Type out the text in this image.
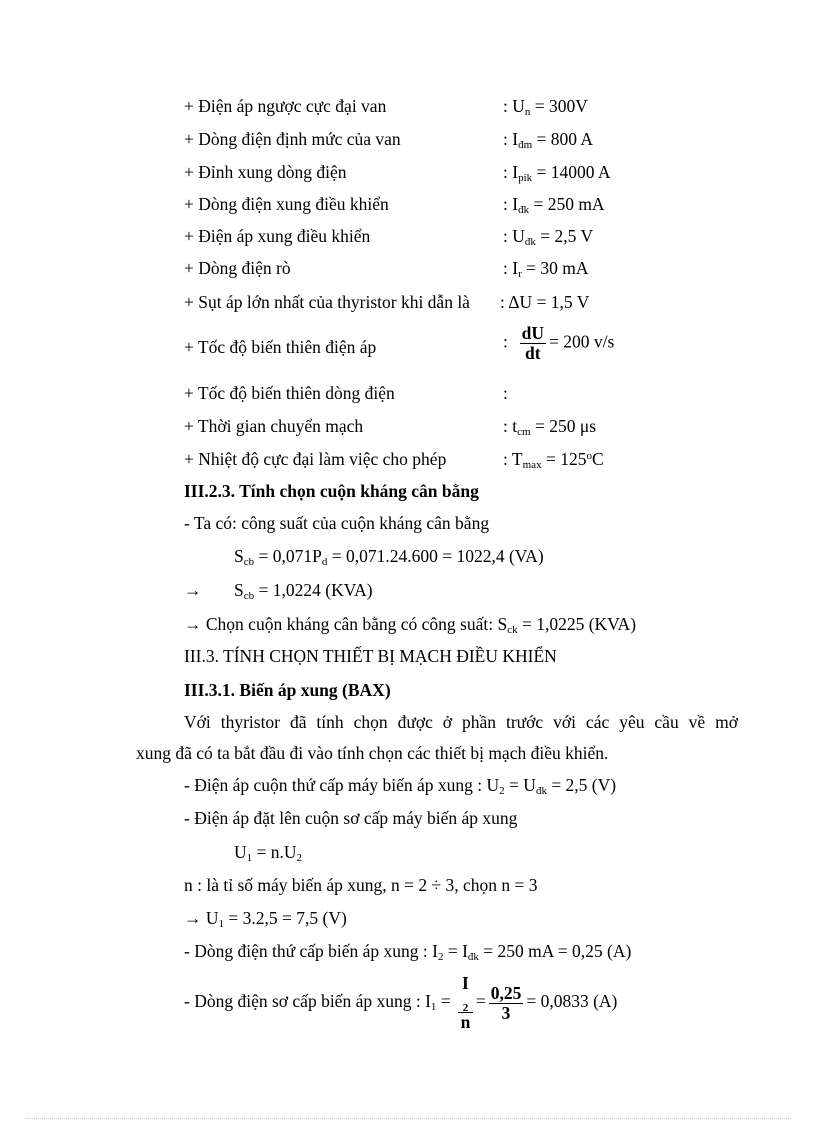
+ Điện áp ngược cực đại van	: $U_n = 300V$
+ Dòng điện định mức của van	: $I_{đm} = 800$ A
+ Đỉnh xung dòng điện	: $I_{pik} = 14000$ A
+ Dòng điện xung điều khiển	: $I_{đk} = 250$ mA
+ Điện áp xung điều khiển	: $U_{đk} = 2,5$ V
+ Dòng điện rò	: $I_r = 30$ mA
+ Sụt áp lớn nhất của thyristor khi dẫn là : ΔU = 1,5 V
+ Tốc độ biến thiên điện áp	: $\frac{dU}{dt} = 200$ v/s
+ Tốc độ biến thiên dòng điện	:
+ Thời gian chuyển mạch	: $t_{cm} = 250$ μs
+ Nhiệt độ cực đại làm việc cho phép	: $T_{max} = 125^oC$
III.2.3. Tính chọn cuộn kháng cân bằng
- Ta có: công suất của cuộn kháng cân bằng
$S_{cb} = 0,071P_d = 0,071.24.600 = 1022,4$ (VA)
→ $S_{cb} = 1,0224$ (KVA)
→ Chọn cuộn kháng cân bằng có công suất: $S_{ck} = 1,0225$ (KVA)
III.3. TÍNH CHỌN THIẾT BỊ MẠCH ĐIỀU KHIỂN
III.3.1. Biến áp xung (BAX)
Với thyristor đã tính chọn được ở phần trước với các yêu cầu về mở
xung đã có ta bắt đầu đi vào tính chọn các thiết bị mạch điều khiển.
- Điện áp cuộn thứ cấp máy biến áp xung : $U_2 = U_{đk} = 2,5$ (V)
- Điện áp đặt lên cuộn sơ cấp máy biến áp xung
$U_1 = n.U_2$
n : là tỉ số máy biến áp xung, n = 2 ÷ 3, chọn n = 3
→ $U_1 = 3.2,5 = 7,5$ (V)
- Dòng điện thứ cấp biến áp xung : $I_2 = I_{đk} = 250$ mA = 0,25 (A)
- Dòng điện sơ cấp biến áp xung : $I_1 = I$
$_2$
$n = \frac{0,25}{3} = 0,0833$ (A)
